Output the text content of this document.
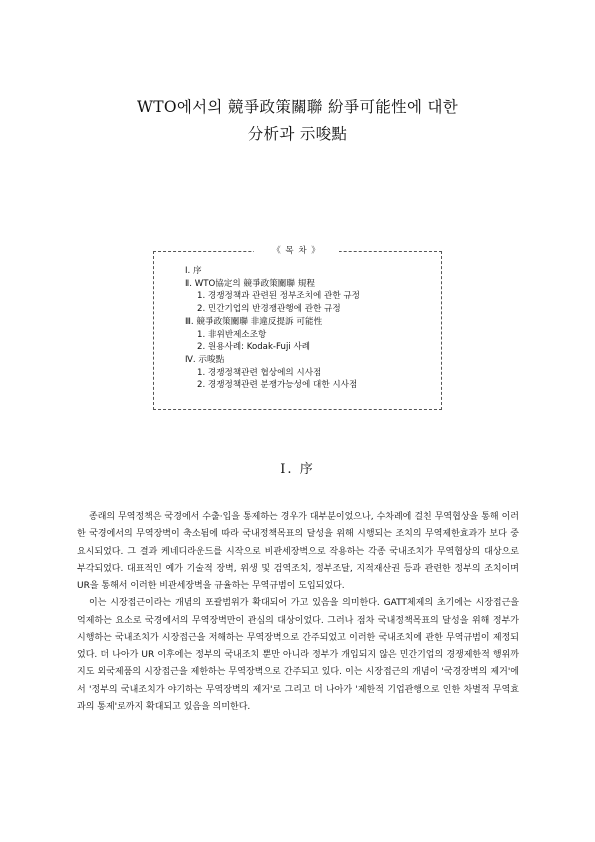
WTO에서의 競爭政策關聯 紛爭可能性에 대한
分析과 示唆點
《 목 차 》
Ⅰ. 序
Ⅱ. WTO協定의 競爭政策關聯 規程
1. 경쟁정책과 관련된 정부조치에 관한 규정
2. 민간기업의 반경쟁관행에 관한 규정
Ⅲ. 競爭政策關聯 非違反提訴 可能性
1. 非위반제소조항
2. 원용사례: Kodak-Fuji 사례
Ⅳ. 示唆點
1. 경쟁정책관련 협상에의 시사점
2. 경쟁정책관련 분쟁가능성에 대한 시사점
Ⅰ. 序

종래의 무역정책은 국경에서 수출·입을 통제하는 경우가 대부분이었으나, 수차례에 걸친 무역협상을 통해 이러한 국경에서의 무역장벽이 축소됨에 따라 국내정책목표의 달성을 위해 시행되는 조치의 무역제한효과가 보다 중요시되었다. 그 결과 케네디라운드를 시작으로 비관세장벽으로 작용하는 각종 국내조치가 무역협상의 대상으로 부각되었다. 대표적인 예가 기술적 장벽, 위생 및 검역조치, 정부조달, 지적재산권 등과 관련한 정부의 조치이며 UR을 통해서 이러한 비관세장벽을 규율하는 무역규범이 도입되었다.

이는 시장접근이라는 개념의 포괄범위가 확대되어 가고 있음을 의미한다. GATT체제의 초기에는 시장접근을 억제하는 요소로 국경에서의 무역장벽만이 관심의 대상이었다. 그러나 점차 국내정책목표의 달성을 위해 정부가 시행하는 국내조치가 시장접근을 저해하는 무역장벽으로 간주되었고 이러한 국내조치에 관한 무역규범이 제정되었다. 더 나아가 UR 이후에는 정부의 국내조치 뿐만 아니라 정부가 개입되지 않은 민간기업의 경쟁제한적 행위까지도 외국제품의 시장접근을 제한하는 무역장벽으로 간주되고 있다. 이는 시장접근의 개념이 '국경장벽의 제거'에서 '정부의 국내조치가 야기하는 무역장벽의 제거'로 그리고 더 나아가 '제한적 기업관행으로 인한 차별적 무역효과의 통제'로까지 확대되고 있음을 의미한다.
